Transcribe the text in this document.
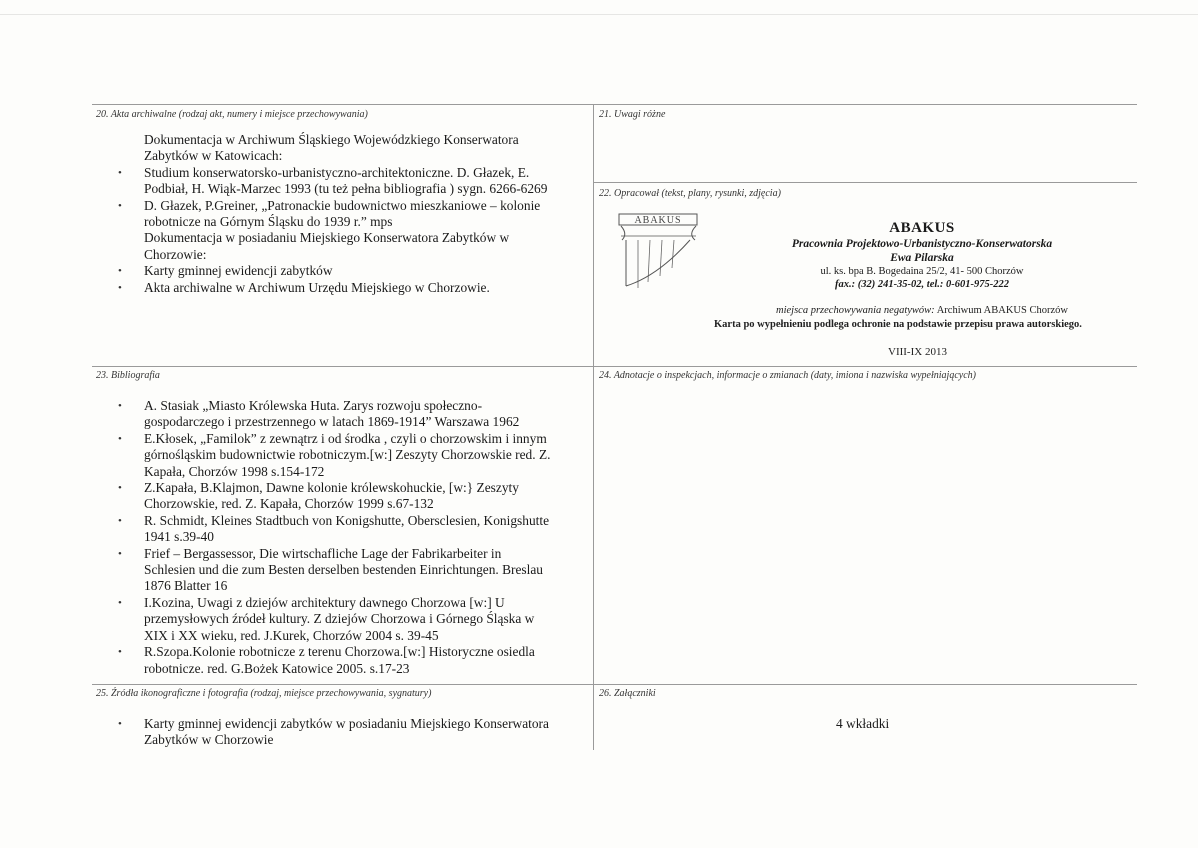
20. Akta archiwalne (rodzaj akt, numery i miejsce przechowywania)
Dokumentacja w Archiwum Śląskiego Wojewódzkiego Konserwatora
Zabytków w Katowicach:
• Studium konserwatorsko-urbanistyczno-architektoniczne. D. Głazek, E.
Podbiał, H. Wiąk-Marzec 1993 (tu też pełna bibliografia ) sygn. 6266-6269
• D. Głazek, P.Greiner, „Patronackie budownictwo mieszkaniowe – kolonie
robotnicze na Górnym Śląsku do 1939 r.” mps
Dokumentacja w posiadaniu Miejskiego Konserwatora Zabytków w
Chorzowie:
• Karty gminnej ewidencji zabytków
• Akta archiwalne w Archiwum Urzędu Miejskiego w Chorzowie.
21. Uwagi różne
22. Opracował (tekst, plany, rysunki, zdjęcia)
ABAKUS	ABAKUS
Pracownia Projektowo-Urbanistyczno-Konserwatorska
Ewa Pilarska
ul. ks. bpa B. Bogedaina 25/2, 41- 500 Chorzów
fax.: (32) 241-35-02, tel.: 0-601-975-222
miejsca przechowywania negatywów: Archiwum ABAKUS Chorzów
Karta po wypełnieniu podlega ochronie na podstawie przepisu prawa autorskiego.
VIII-IX 2013
23. Bibliografia
• A. Stasiak „Miasto Królewska Huta. Zarys rozwoju społeczno-
gospodarczego i przestrzennego w latach 1869-1914” Warszawa 1962
• E.Kłosek, „Familok” z zewnątrz i od środka , czyli o chorzowskim i innym
górnośląskim budownictwie robotniczym.[w:] Zeszyty Chorzowskie red. Z.
Kapała, Chorzów 1998 s.154-172
• Z.Kapała, B.Klajmon, Dawne kolonie królewskohuckie, [w:} Zeszyty
Chorzowskie, red. Z. Kapała, Chorzów 1999 s.67-132
• R. Schmidt, Kleines Stadtbuch von Konigshutte, Obersclesien, Konigshutte
1941 s.39-40
• Frief – Bergassessor, Die wirtschafliche Lage der Fabrikarbeiter in
Schlesien und die zum Besten derselben bestenden Einrichtungen. Breslau
1876 Blatter 16
• I.Kozina, Uwagi z dziejów architektury dawnego Chorzowa [w:] U
przemysłowych źródeł kultury. Z dziejów Chorzowa i Górnego Śląska w
XIX i XX wieku, red. J.Kurek, Chorzów 2004 s. 39-45
• R.Szopa.Kolonie robotnicze z terenu Chorzowa.[w:] Historyczne osiedla
robotnicze. red. G.Bożek Katowice 2005. s.17-23
24. Adnotacje o inspekcjach, informacje o zmianach (daty, imiona i nazwiska wypełniających)
25. Źródła ikonograficzne i fotografia (rodzaj, miejsce przechowywania, sygnatury)
• Karty gminnej ewidencji zabytków w posiadaniu Miejskiego Konserwatora
Zabytków w Chorzowie
26. Załączniki
4 wkładki
